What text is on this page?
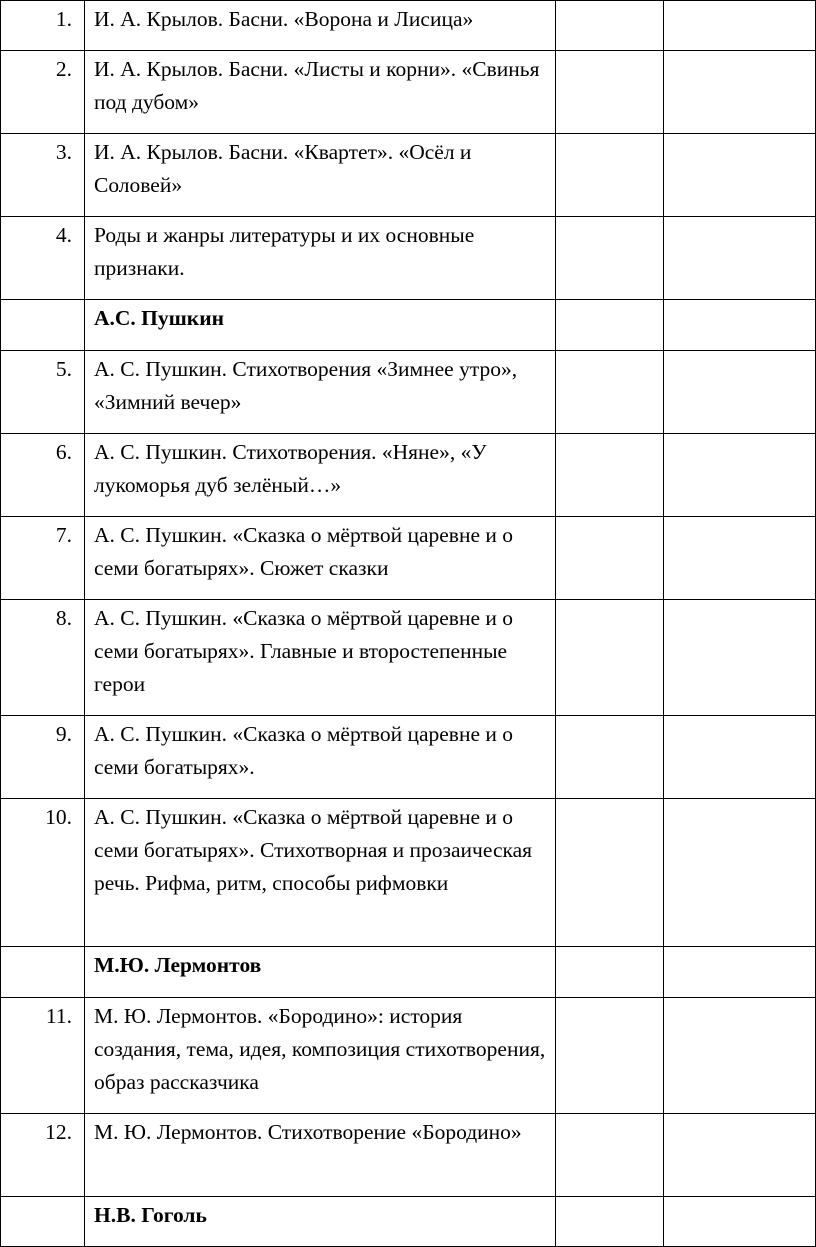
1.	И. А. Крылов. Басни. «Ворона и Лисица»		
2.	И. А. Крылов. Басни. «Листы и корни». «Свинья под дубом»		
3.	И. А. Крылов. Басни. «Квартет». «Осёл и Соловей»		
4.	Роды и жанры литературы и их основные признаки.		
	А.С. Пушкин		
5.	А. С. Пушкин. Стихотворения «Зимнее утро», «Зимний вечер»		
6.	А. С. Пушкин. Стихотворения. «Няне», «У лукоморья дуб зелёный…»		
7.	А. С. Пушкин. «Сказка о мёртвой царевне и о семи богатырях». Сюжет сказки		
8.	А. С. Пушкин. «Сказка о мёртвой царевне и о семи богатырях». Главные и второстепенные герои		
9.	А. С. Пушкин. «Сказка о мёртвой царевне и о семи богатырях».		
10.	А. С. Пушкин. «Сказка о мёртвой царевне и о семи богатырях». Стихотворная и прозаическая речь. Рифма, ритм, способы рифмовки		
	М.Ю. Лермонтов		
11.	М. Ю. Лермонтов. «Бородино»: история создания, тема, идея, композиция стихотворения, образ рассказчика		
12.	М. Ю. Лермонтов. Стихотворение «Бородино»		
	Н.В. Гоголь		
